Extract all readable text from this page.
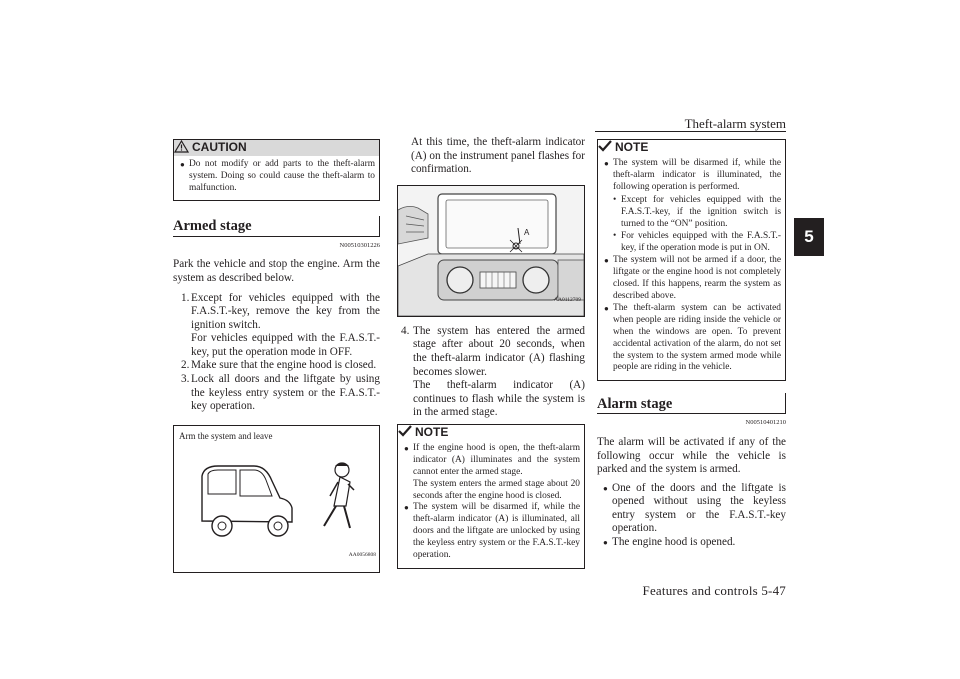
Theft-alarm system
5
Features and controls 5-47
CAUTION
● Do not modify or add parts to the theft-alarm system. Doing so could cause the theft-alarm to malfunction.
Armed stage
N00510301226

Park the vehicle and stop the engine. Arm the system as described below.

1. Except for vehicles equipped with the F.A.S.T.-key, remove the key from the ignition switch.
For vehicles equipped with the F.A.S.T.-key, put the operation mode in OFF.
2. Make sure that the engine hood is closed.
3. Lock all doors and the liftgate by using the keyless entry system or the F.A.S.T.-key operation.
Arm the system and leave
AA0056808

At this time, the theft-alarm indicator (A) on the instrument panel flashes for confirmation.

A
AA0112709
4. The system has entered the armed stage after about 20 seconds, when the theft-alarm indicator (A) flashing becomes slower.
The theft-alarm indicator (A) continues to flash while the system is in the armed stage.
NOTE
● If the engine hood is open, the theft-alarm indicator (A) illuminates and the system cannot enter the armed stage.
The system enters the armed stage about 20 seconds after the engine hood is closed.
● The system will be disarmed if, while the theft-alarm indicator (A) is illuminated, all doors and the liftgate are unlocked by using the keyless entry system or the F.A.S.T.-key operation.
NOTE
● The system will be disarmed if, while the theft-alarm indicator is illuminated, the following operation is performed.
• Except for vehicles equipped with the F.A.S.T.-key, if the ignition switch is turned to the “ON” position.
• For vehicles equipped with the F.A.S.T.-key, if the operation mode is put in ON.
● The system will not be armed if a door, the liftgate or the engine hood is not completely closed. If this happens, rearm the system as described above.
● The theft-alarm system can be activated when people are riding inside the vehicle or when the windows are open. To prevent accidental activation of the alarm, do not set the system to the system armed mode while people are riding in the vehicle.
Alarm stage
N00510401210

The alarm will be activated if any of the following occur while the vehicle is parked and the system is armed.

● One of the doors and the liftgate is opened without using the keyless entry system or the F.A.S.T.-key operation.
● The engine hood is opened.
